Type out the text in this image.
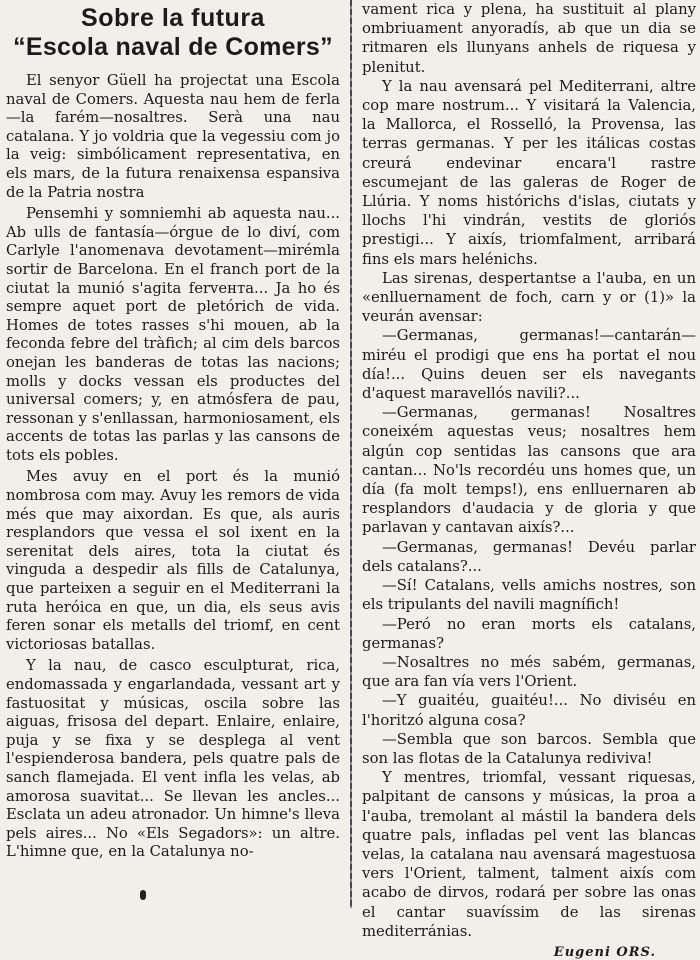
Sobre la futura
“Escola naval de Comers”

El senyor Güell ha projectat una Escola naval de Comers. Aquesta nau hem de ferla—la farém—nosaltres. Serà una nau catalana. Y jo voldria que la vegessiu com jo la veig: simbólicament representativa, en els mars, de la futura renaixensa espansiva de la Patria nostra

Pensemhi y somniemhi ab aquesta nau... Ab ulls de fantasía—órgue de lo diví, com Carlyle l'anomenava devotament—mirémla sortir de Barcelona. En el franch port de la ciutat la munió s'agita fervента... Ja ho és sempre aquet port de pletórich de vida. Homes de totes rasses s'hi mouen, ab la feconda febre del tràfich; al cim dels barcos onejan les banderas de totas las nacions; molls y docks vessan els productes del universal comers; y, en atmósfera de pau, ressonan y s'enllassan, harmoniosament, els accents de totas las parlas y las cansons de tots els pobles.

Mes avuy en el port és la munió nombrosa com may. Avuy les remors de vida més que may aixordan. Es que, als auris resplandors que vessa el sol ixent en la serenitat dels aires, tota la ciutat és vinguda a despedir als fills de Catalunya, que parteixen a seguir en el Mediterrani la ruta heróica en que, un dia, els seus avis feren sonar els metalls del triomf, en cent victoriosas batallas.

Y la nau, de casco esculpturat, rica, endomassada y engarlandada, vessant art y fastuositat y músicas, oscila sobre las aiguas, frisosa del depart. Enlaire, enlaire, puja y se fixa y se desplega al vent l'espienderosa bandera, pels quatre pals de sanch flamejada. El vent infla les velas, ab amorosa suavitat... Se llevan les ancles... Esclata un adeu atronador. Un himne's lleva pels aires... No «Els Segadors»: un altre. L'himne que, en la Catalunya no-

vament rica y plena, ha sustituit al plany ombriuament anyoradís, ab que un dia se ritmaren els llunyans anhels de riquesa y plenitut.

Y la nau avensará pel Mediterrani, altre cop mare nostrum... Y visitará la Valencia, la Mallorca, el Rosselló, la Provensa, las terras germanas. Y per les itálicas costas creurá endevinar encara'l rastre escumejant de las galeras de Roger de Llúria. Y noms histórichs d'islas, ciutats y llochs l'hi vindrán, vestits de gloriós prestigi... Y aixís, triomfalment, arribará fins els mars helénichs.

Las sirenas, despertantse a l'auba, en un «enlluernament de foch, carn y or (1)» la veurán avensar:

—Germanas, germanas!—cantarán—miréu el prodigi que ens ha portat el nou día!... Quins deuen ser els navegants d'aquest maravellós navili?...

—Germanas, germanas! Nosaltres coneixém aquestas veus; nosaltres hem algún cop sentidas las cansons que ara cantan... No'ls recordéu uns homes que, un día (fa molt temps!), ens enlluernaren ab resplandors d'audacia y de gloria y que parlavan y cantavan aixís?...

—Germanas, germanas! Devéu parlar dels catalans?...

—Sí! Catalans, vells amichs nostres, son els tripulants del navili magnífich!

—Peró no eran morts els catalans, germanas?

—Nosaltres no més sabém, germanas, que ara fan vía vers l'Orient.

—Y guaitéu, guaitéu!... No diviséu en l'horitzó alguna cosa?

—Sembla que son barcos. Sembla que son las flotas de la Catalunya rediviva!

Y mentres, triomfal, vessant riquesas, palpitant de cansons y músicas, la proa a l'auba, tremolant al mástil la bandera dels quatre pals, infladas pel vent las blancas velas, la catalana nau avensará magestuosa vers l'Orient, talment, talment aixís com acabo de dirvos, rodará per sobre las onas el cantar suavíssim de las sirenas mediterránias.

Eugeni ORS.
